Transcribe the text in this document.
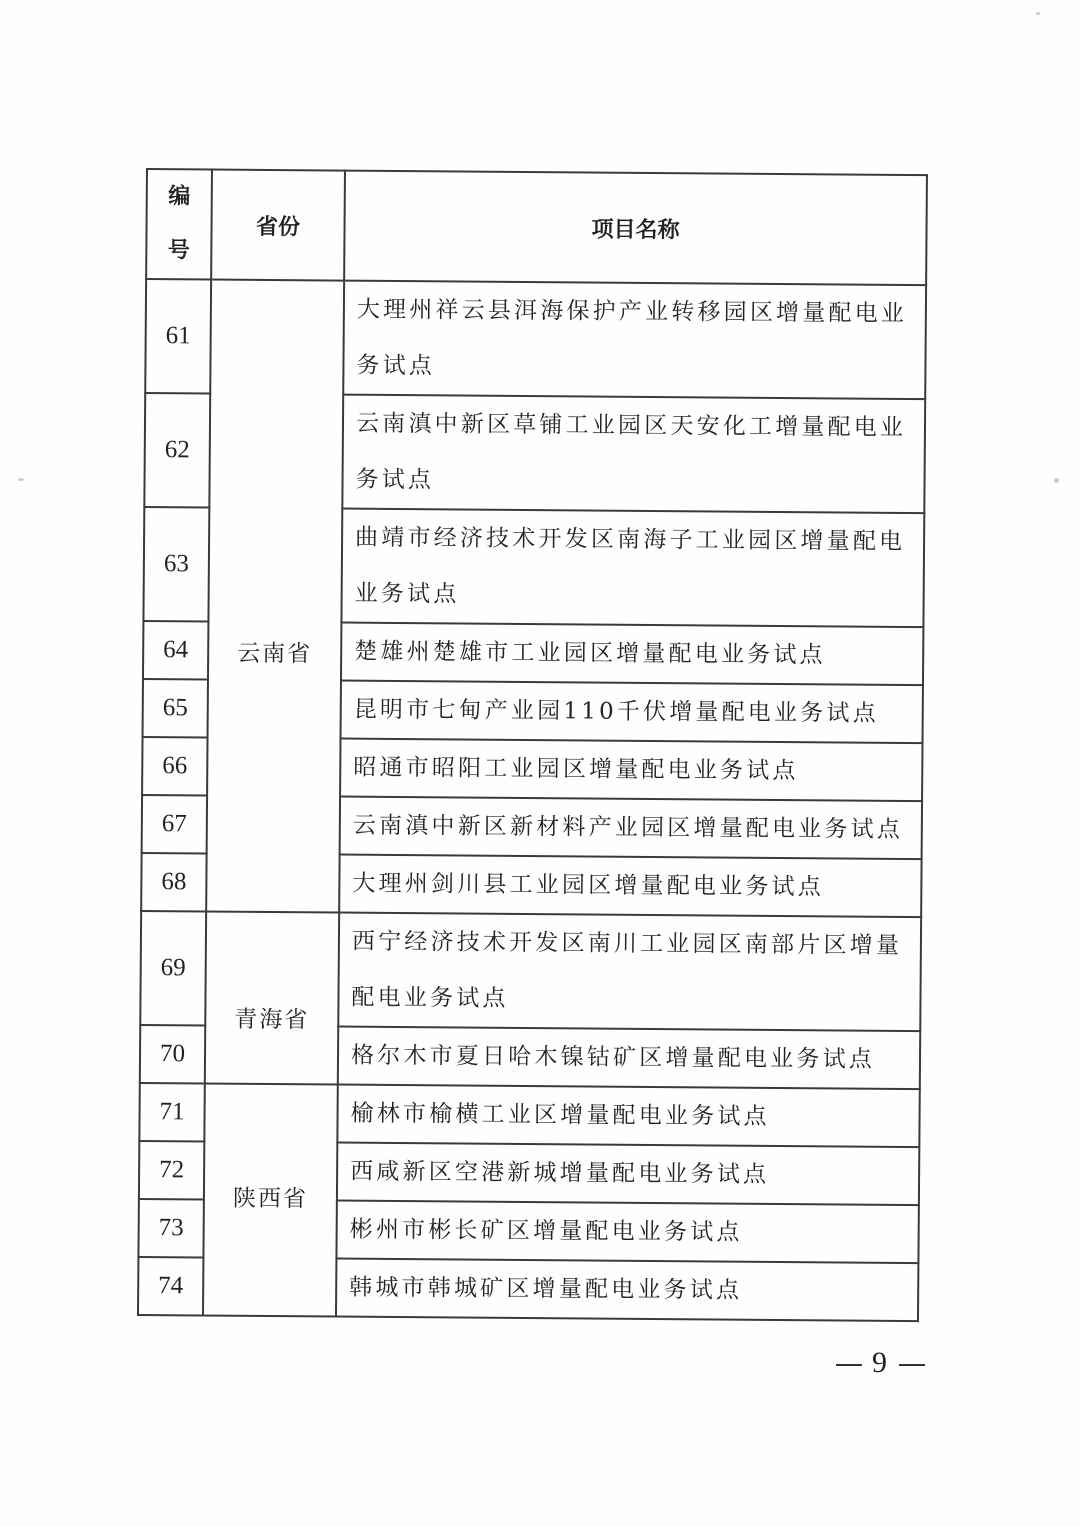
编
号	省份	项目名称
61	云南省	大理州祥云县洱海保护产业转移园区增量配电业务试点
62		云南滇中新区草铺工业园区天安化工增量配电业务试点
63		曲靖市经济技术开发区南海子工业园区增量配电业务试点
64		楚雄州楚雄市工业园区增量配电业务试点
65		昆明市七甸产业园110千伏增量配电业务试点
66		昭通市昭阳工业园区增量配电业务试点
67		云南滇中新区新材料产业园区增量配电业务试点
68		大理州剑川县工业园区增量配电业务试点
69	青海省	西宁经济技术开发区南川工业园区南部片区增量配电业务试点
70		格尔木市夏日哈木镍钴矿区增量配电业务试点
71	陕西省	榆林市榆横工业区增量配电业务试点
72		西咸新区空港新城增量配电业务试点
73		彬州市彬长矿区增量配电业务试点
74		韩城市韩城矿区增量配电业务试点
9
